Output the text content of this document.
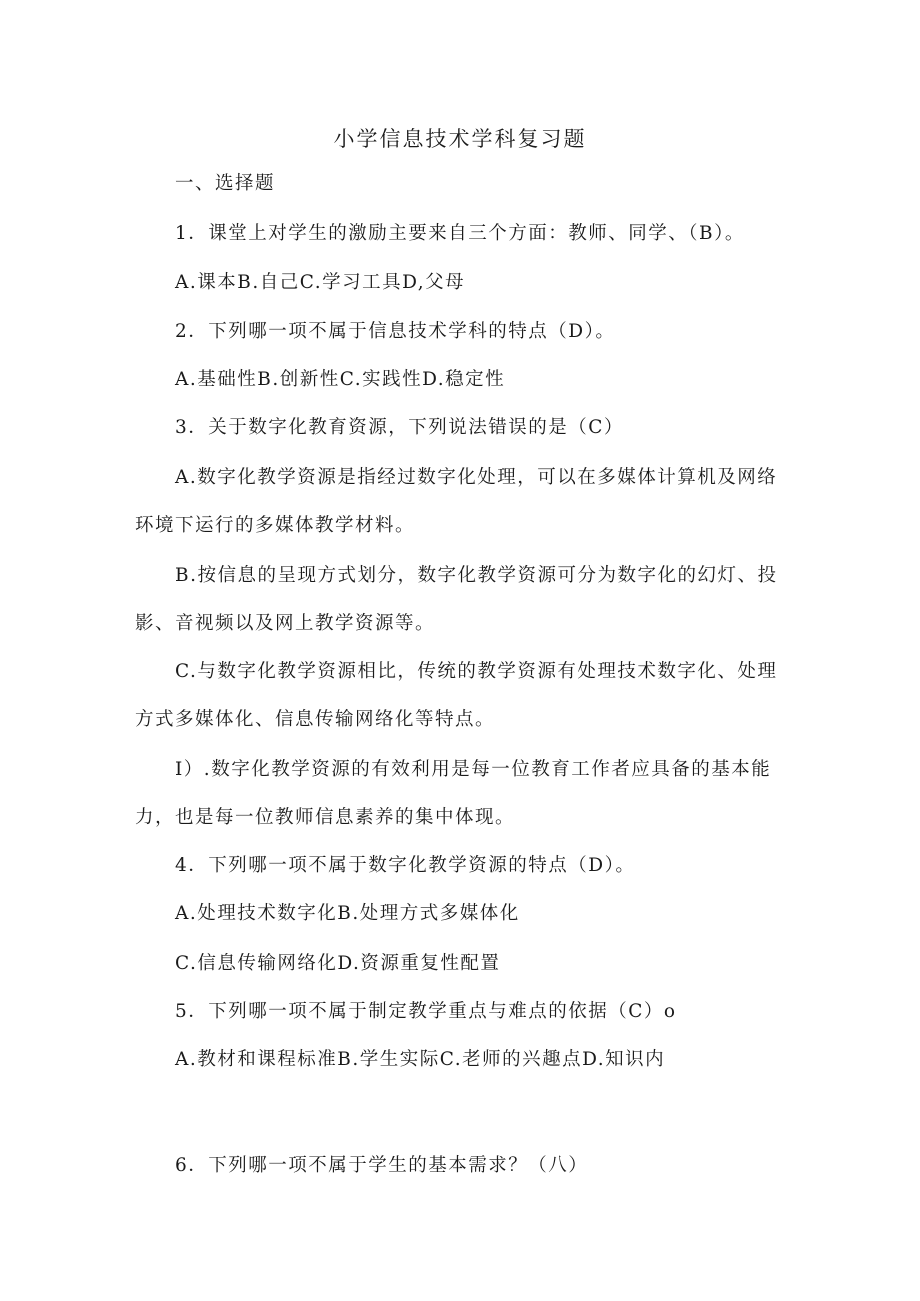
小学信息技术学科复习题
一、选择题
1．课堂上对学生的激励主要来自三个方面：教师、同学、（B）。
A.课本B.自己C.学习工具D,父母
2．下列哪一项不属于信息技术学科的特点（D）。
A.基础性B.创新性C.实践性D.稳定性
3．关于数字化教育资源，下列说法错误的是（C）
A.数字化教学资源是指经过数字化处理，可以在多媒体计算机及网络
环境下运行的多媒体教学材料。
B.按信息的呈现方式划分，数字化教学资源可分为数字化的幻灯、投
影、音视频以及网上教学资源等。
C.与数字化教学资源相比，传统的教学资源有处理技术数字化、处理
方式多媒体化、信息传输网络化等特点。
I）.数字化教学资源的有效利用是每一位教育工作者应具备的基本能
力，也是每一位教师信息素养的集中体现。
4．下列哪一项不属于数字化教学资源的特点（D）。
A.处理技术数字化B.处理方式多媒体化
C.信息传输网络化D.资源重复性配置
5．下列哪一项不属于制定教学重点与难点的依据（C）o
A.教材和课程标准B.学生实际C.老师的兴趣点D.知识内
6．下列哪一项不属于学生的基本需求？（八）
